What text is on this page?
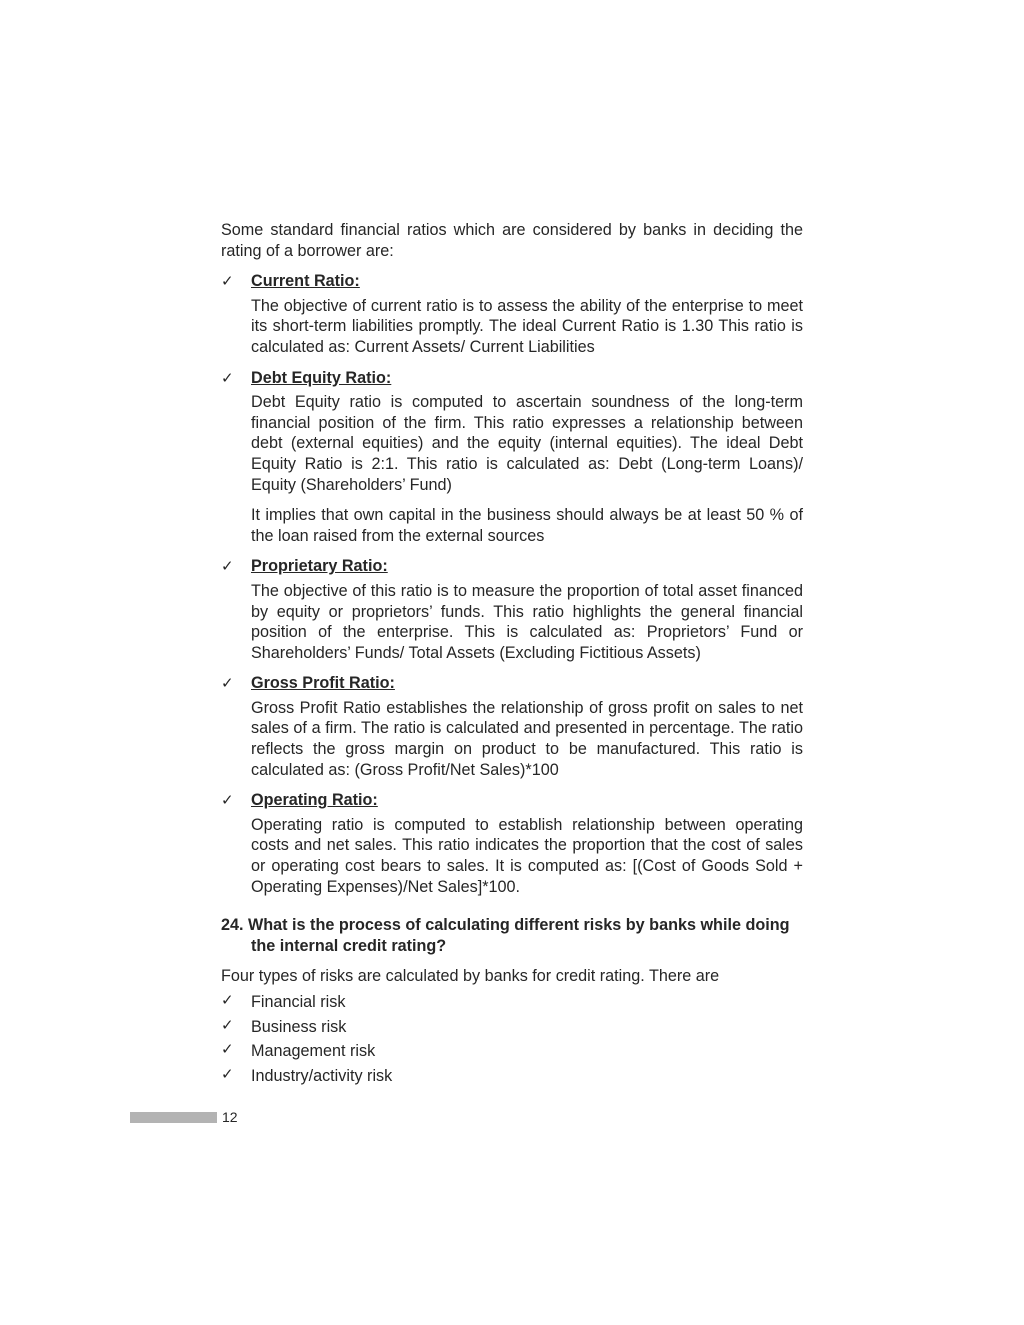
Some standard financial ratios which are considered by banks in deciding the rating of a borrower are:

✓ Current Ratio:

The objective of current ratio is to assess the ability of the enterprise to meet its short-term liabilities promptly. The ideal Current Ratio is 1.30 This ratio is calculated as: Current Assets/ Current Liabilities

✓ Debt Equity Ratio:

Debt Equity ratio is computed to ascertain soundness of the long-term financial position of the firm. This ratio expresses a relationship between debt (external equities) and the equity (internal equities). The ideal Debt Equity Ratio is 2:1. This ratio is calculated as: Debt (Long-term Loans)/ Equity (Shareholders’ Fund)

It implies that own capital in the business should always be at least 50 % of the loan raised from the external sources

✓ Proprietary Ratio:

The objective of this ratio is to measure the proportion of total asset financed by equity or proprietors’ funds. This ratio highlights the general financial position of the enterprise. This is calculated as: Proprietors’ Fund or Shareholders’ Funds/ Total Assets (Excluding Fictitious Assets)

✓ Gross Profit Ratio:

Gross Profit Ratio establishes the relationship of gross profit on sales to net sales of a firm. The ratio is calculated and presented in percentage. The ratio reflects the gross margin on product to be manufactured. This ratio is calculated as: (Gross Profit/Net Sales)*100

✓ Operating Ratio:

Operating ratio is computed to establish relationship between operating costs and net sales. This ratio indicates the proportion that the cost of sales or operating cost bears to sales. It is computed as: [(Cost of Goods Sold + Operating Expenses)/Net Sales]*100.

24. What is the process of calculating different risks by banks while doing the internal credit rating?

Four types of risks are calculated by banks for credit rating. There are

✓ Financial risk
✓ Business risk
✓ Management risk
✓ Industry/activity risk
12
